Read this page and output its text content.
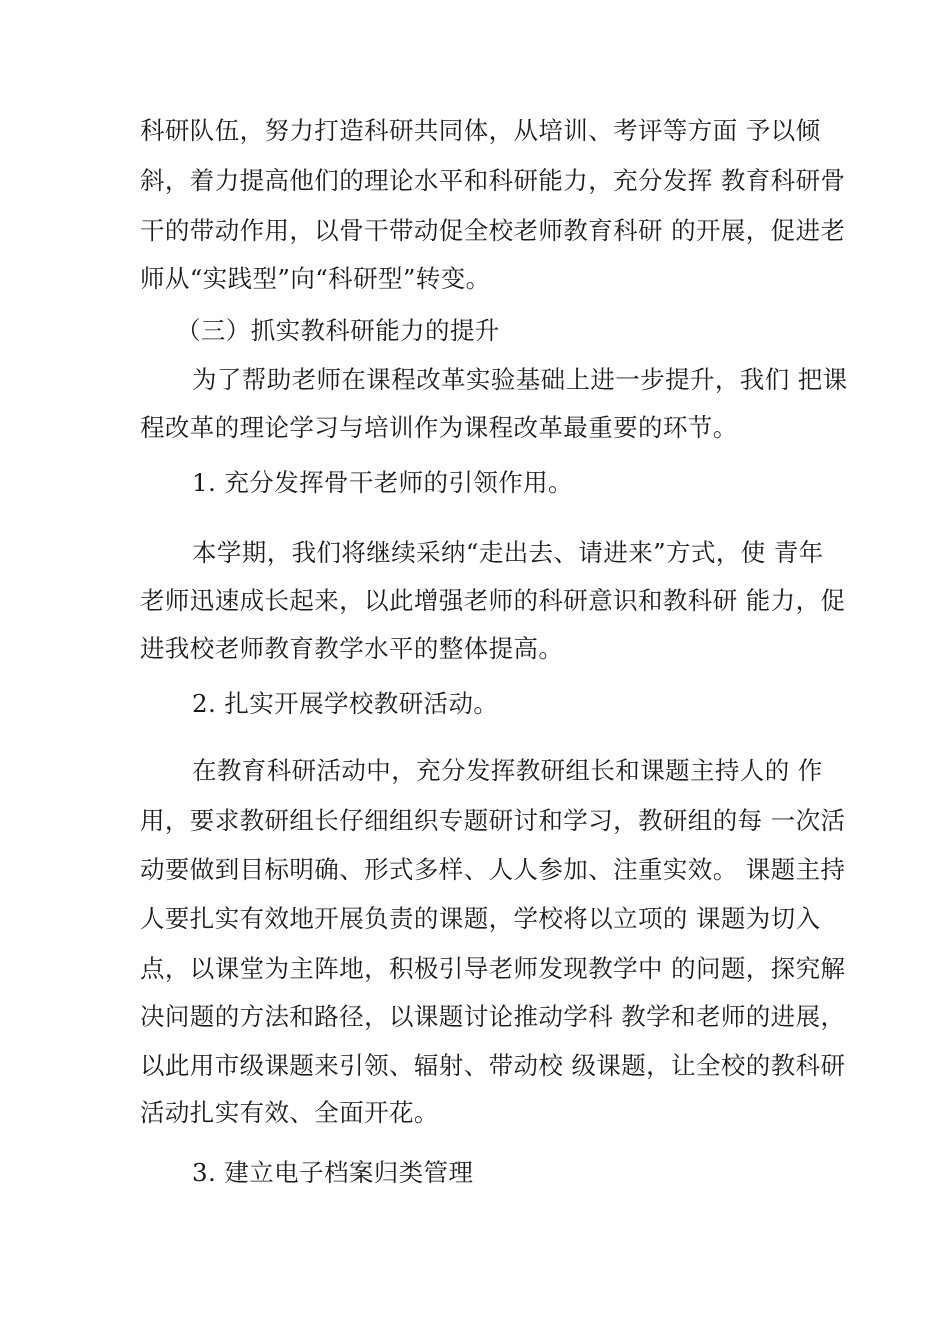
科研队伍，努力打造科研共同体，从培训、考评等方面 予以倾
斜，着力提高他们的理论水平和科研能力，充分发挥 教育科研骨
干的带动作用，以骨干带动促全校老师教育科研 的开展，促进老
师从“实践型”向“科研型”转变。
（三）抓实教科研能力的提升
为了帮助老师在课程改革实验基础上进一步提升，我们 把课
程改革的理论学习与培训作为课程改革最重要的环节。
1. 充分发挥骨干老师的引领作用。
本学期，我们将继续采纳“走出去、请进来”方式，使 青年
老师迅速成长起来，以此增强老师的科研意识和教科研 能力，促
进我校老师教育教学水平的整体提高。
2. 扎实开展学校教研活动。
在教育科研活动中，充分发挥教研组长和课题主持人的 作
用，要求教研组长仔细组织专题研讨和学习，教研组的每 一次活
动要做到目标明确、形式多样、人人参加、注重实效。 课题主持
人要扎实有效地开展负责的课题，学校将以立项的 课题为切入
点，以课堂为主阵地，积极引导老师发现教学中 的问题，探究解
决问题的方法和路径，以课题讨论推动学科 教学和老师的进展，
以此用市级课题来引领、辐射、带动校 级课题，让全校的教科研
活动扎实有效、全面开花。
3. 建立电子档案归类管理
